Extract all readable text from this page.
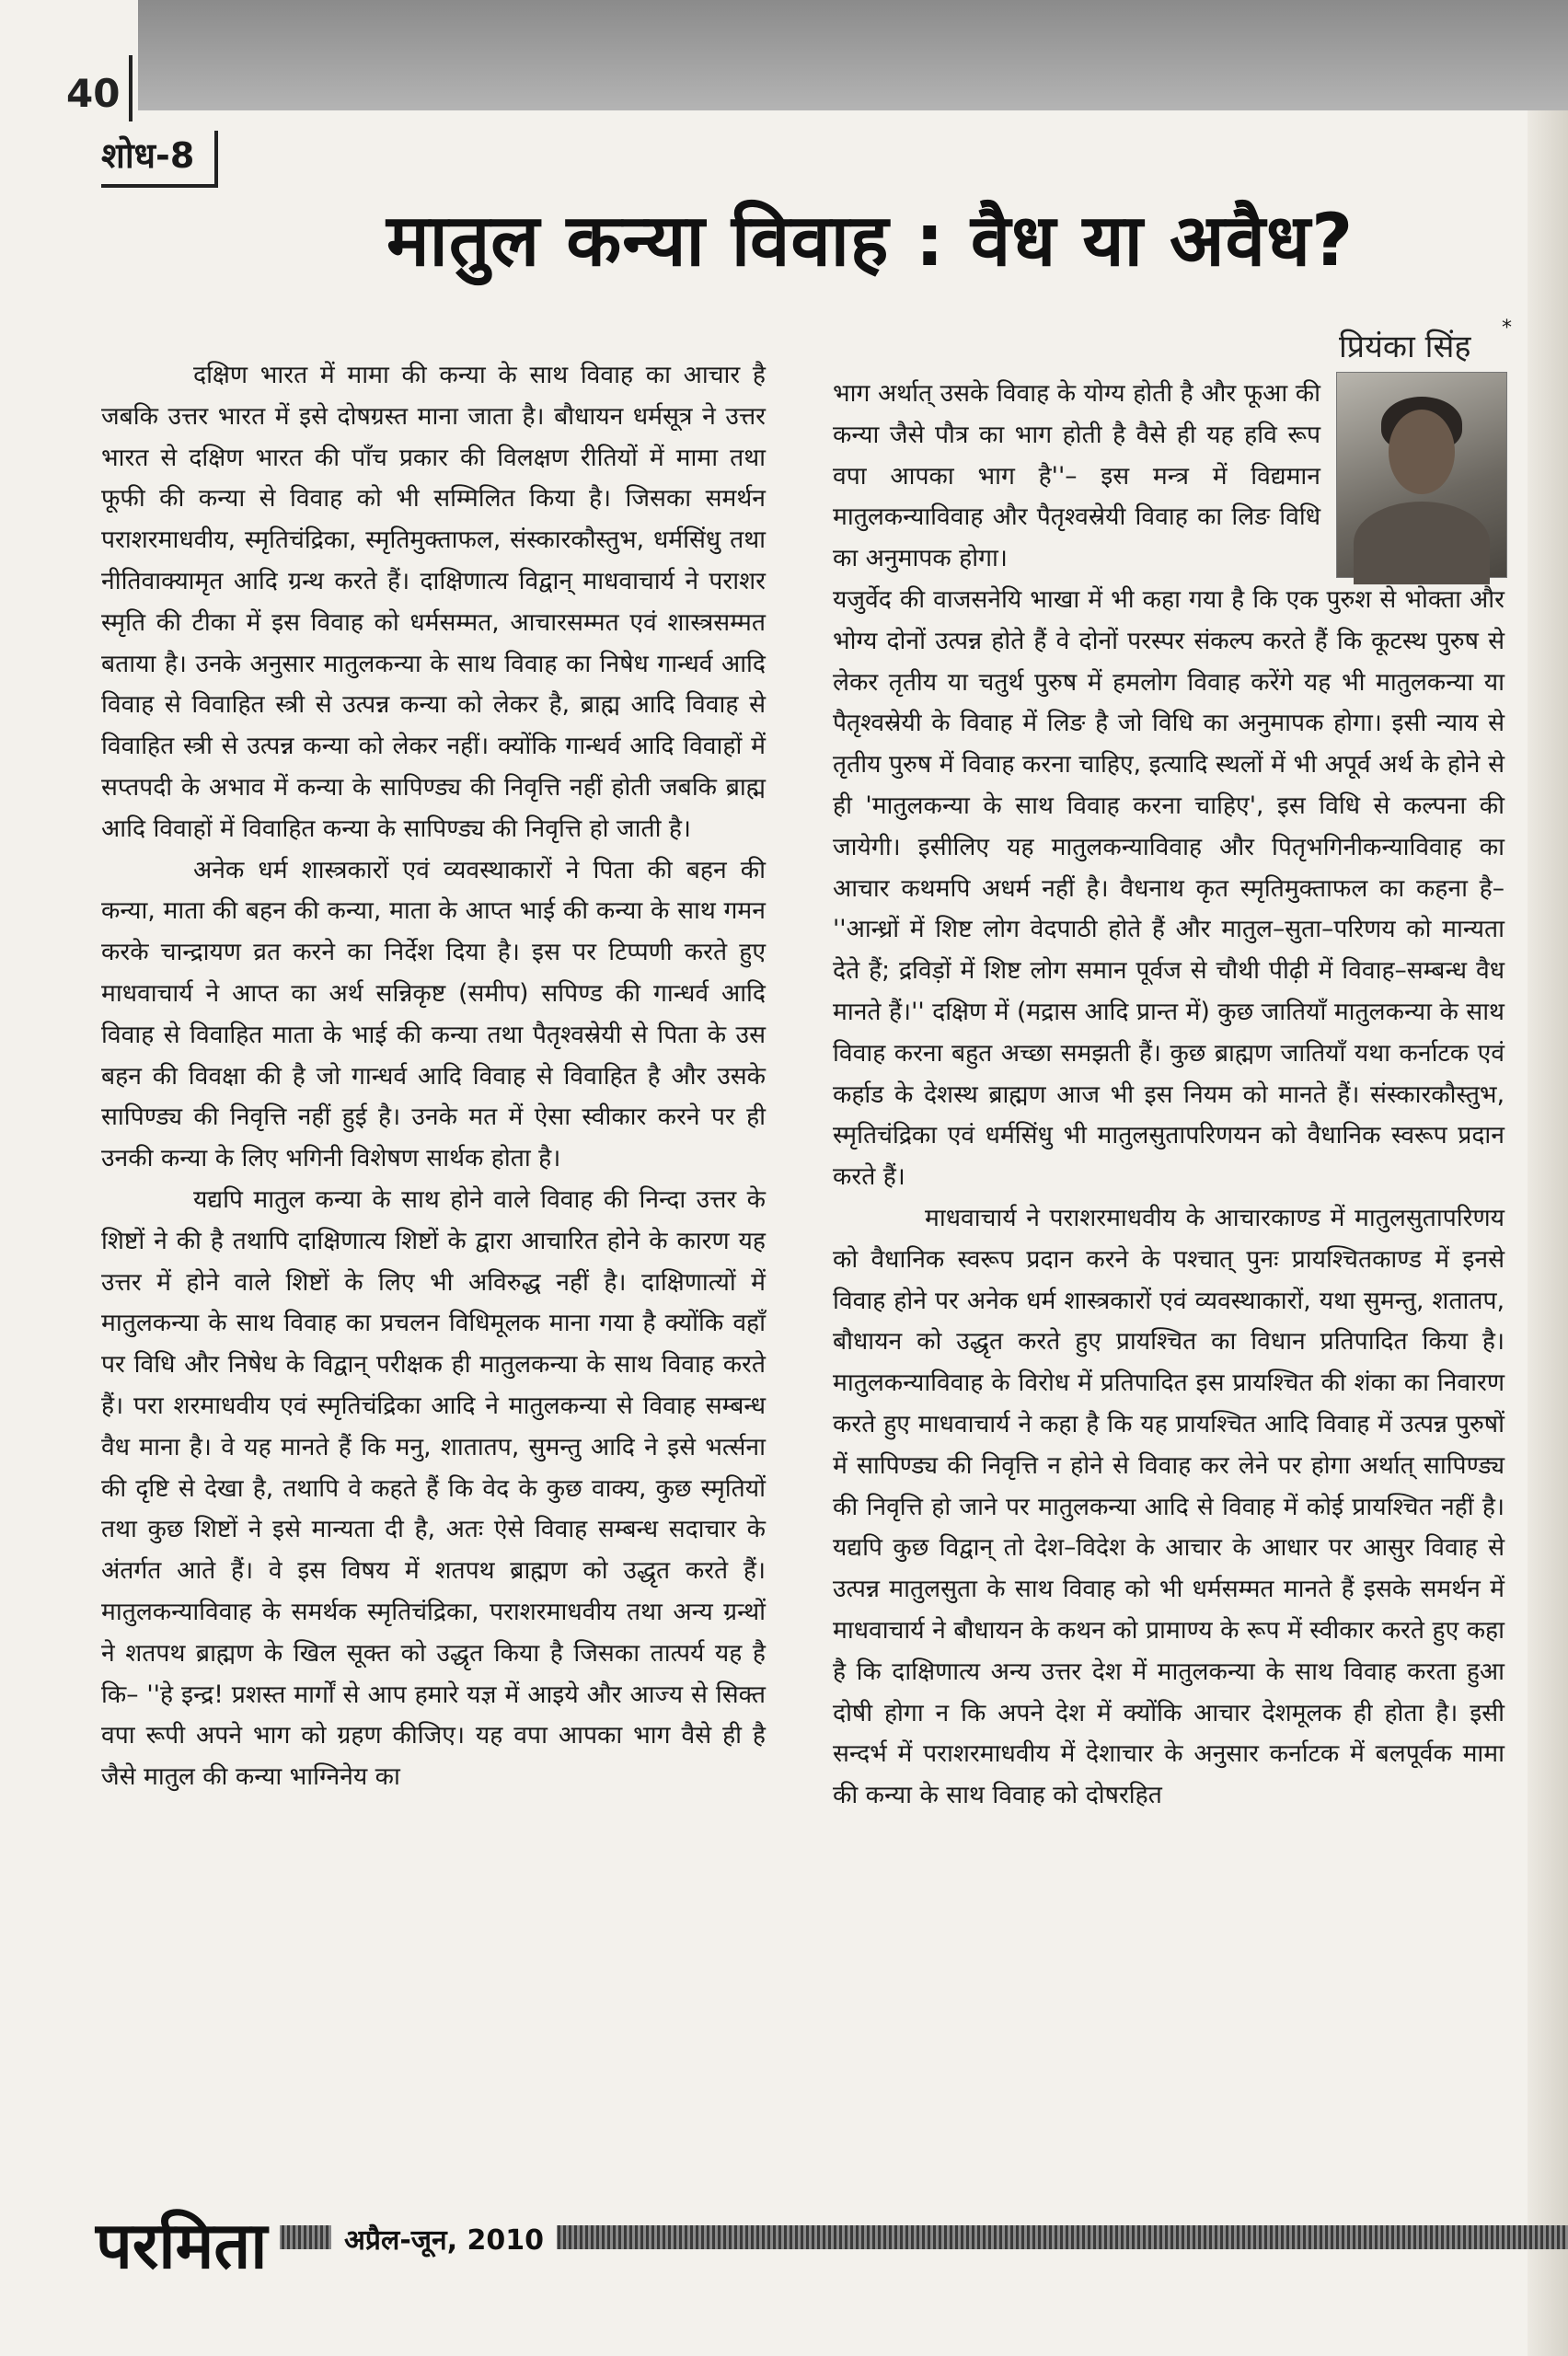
40
शोध-8
मातुल कन्या विवाह : वैध या अवैध?
प्रियंका सिंह
*

दक्षिण भारत में मामा की कन्या के साथ विवाह का आचार है जबकि उत्तर भारत में इसे दोषग्रस्त माना जाता है। बौधायन धर्मसूत्र ने उत्तर भारत से दक्षिण भारत की पाँच प्रकार की विलक्षण रीतियों में मामा तथा फूफी की कन्या से विवाह को भी सम्मिलित किया है। जिसका समर्थन पराशरमाधवीय, स्मृतिचंद्रिका, स्मृतिमुक्ताफल, संस्कारकौस्तुभ, धर्मसिंधु तथा नीतिवाक्यामृत आदि ग्रन्थ करते हैं। दाक्षिणात्य विद्वान् माधवाचार्य ने पराशर स्मृति की टीका में इस विवाह को धर्मसम्मत, आचारसम्मत एवं शास्त्रसम्मत बताया है। उनके अनुसार मातुलकन्या के साथ विवाह का निषेध गान्धर्व आदि विवाह से विवाहित स्त्री से उत्पन्न कन्या को लेकर है, ब्राह्म आदि विवाह से विवाहित स्त्री से उत्पन्न कन्या को लेकर नहीं। क्योंकि गान्धर्व आदि विवाहों में सप्तपदी के अभाव में कन्या के सापिण्ड्य की निवृत्ति नहीं होती जबकि ब्राह्म आदि विवाहों में विवाहित कन्या के सापिण्ड्य की निवृत्ति हो जाती है।

अनेक धर्म शास्त्रकारों एवं व्यवस्थाकारों ने पिता की बहन की कन्या, माता की बहन की कन्या, माता के आप्त भाई की कन्या के साथ गमन करके चान्द्रायण व्रत करने का निर्देश दिया है। इस पर टिप्पणी करते हुए माधवाचार्य ने आप्त का अर्थ सन्निकृष्ट (समीप) सपिण्ड की गान्धर्व आदि विवाह से विवाहित माता के भाई की कन्या तथा पैतृश्वस्रेयी से पिता के उस बहन की विवक्षा की है जो गान्धर्व आदि विवाह से विवाहित है और उसके सापिण्ड्य की निवृत्ति नहीं हुई है। उनके मत में ऐसा स्वीकार करने पर ही उनकी कन्या के लिए भगिनी विशेषण सार्थक होता है।

यद्यपि मातुल कन्या के साथ होने वाले विवाह की निन्दा उत्तर के शिष्टों ने की है तथापि दाक्षिणात्य शिष्टों के द्वारा आचारित होने के कारण यह उत्तर में होने वाले शिष्टों के लिए भी अविरुद्ध नहीं है। दाक्षिणात्यों में मातुलकन्या के साथ विवाह का प्रचलन विधिमूलक माना गया है क्योंकि वहाँ पर विधि और निषेध के विद्वान् परीक्षक ही मातुलकन्या के साथ विवाह करते हैं। परा शरमाधवीय एवं स्मृतिचंद्रिका आदि ने मातुलकन्या से विवाह सम्बन्ध वैध माना है। वे यह मानते हैं कि मनु, शातातप, सुमन्तु आदि ने इसे भर्त्सना की दृष्टि से देखा है, तथापि वे कहते हैं कि वेद के कुछ वाक्य, कुछ स्मृतियों तथा कुछ शिष्टों ने इसे मान्यता दी है, अतः ऐसे विवाह सम्बन्ध सदाचार के अंतर्गत आते हैं। वे इस विषय में शतपथ ब्राह्मण को उद्धृत करते हैं। मातुलकन्याविवाह के समर्थक स्मृतिचंद्रिका, पराशरमाधवीय तथा अन्य ग्रन्थों ने शतपथ ब्राह्मण के खिल सूक्त को उद्धृत किया है जिसका तात्पर्य यह है कि– ''हे इन्द्र! प्रशस्त मार्गों से आप हमारे यज्ञ में आइये और आज्य से सिक्त वपा रूपी अपने भाग को ग्रहण कीजिए। यह वपा आपका भाग वैसे ही है जैसे मातुल की कन्या भाग्निनेय का

भाग अर्थात् उसके विवाह के योग्य होती है और फूआ की कन्या जैसे पौत्र का भाग होती है वैसे ही यह हवि रूप वपा आपका भाग है''– इस मन्त्र में विद्यमान मातुलकन्याविवाह और पैतृश्वस्रेयी विवाह का लिङ विधि का अनुमापक होगा।

यजुर्वेद की वाजसनेयि भाखा में भी कहा गया है कि एक पुरुश से भोक्ता और भोग्य दोनों उत्पन्न होते हैं वे दोनों परस्पर संकल्प करते हैं कि कूटस्थ पुरुष से लेकर तृतीय या चतुर्थ पुरुष में हमलोग विवाह करेंगे यह भी मातुलकन्या या पैतृश्वस्रेयी के विवाह में लिङ है जो विधि का अनुमापक होगा। इसी न्याय से तृतीय पुरुष में विवाह करना चाहिए, इत्यादि स्थलों में भी अपूर्व अर्थ के होने से ही 'मातुलकन्या के साथ विवाह करना चाहिए', इस विधि से कल्पना की जायेगी। इसीलिए यह मातुलकन्याविवाह और पितृभगिनीकन्याविवाह का आचार कथमपि अधर्म नहीं है। वैधनाथ कृत स्मृतिमुक्ताफल का कहना है– ''आन्ध्रों में शिष्ट लोग वेदपाठी होते हैं और मातुल–सुता–परिणय को मान्यता देते हैं; द्रविड़ों में शिष्ट लोग समान पूर्वज से चौथी पीढ़ी में विवाह–सम्बन्ध वैध मानते हैं।'' दक्षिण में (मद्रास आदि प्रान्त में) कुछ जातियाँ मातुलकन्या के साथ विवाह करना बहुत अच्छा समझती हैं। कुछ ब्राह्मण जातियाँ यथा कर्नाटक एवं कर्हाड के देशस्थ ब्राह्मण आज भी इस नियम को मानते हैं। संस्कारकौस्तुभ, स्मृतिचंद्रिका एवं धर्मसिंधु भी मातुलसुतापरिणयन को वैधानिक स्वरूप प्रदान करते हैं।

माधवाचार्य ने पराशरमाधवीय के आचारकाण्ड में मातुलसुतापरिणय को वैधानिक स्वरूप प्रदान करने के पश्चात् पुनः प्रायश्चितकाण्ड में इनसे विवाह होने पर अनेक धर्म शास्त्रकारों एवं व्यवस्थाकारों, यथा सुमन्तु, शतातप, बौधायन को उद्धृत करते हुए प्रायश्चित का विधान प्रतिपादित किया है। मातुलकन्याविवाह के विरोध में प्रतिपादित इस प्रायश्चित की शंका का निवारण करते हुए माधवाचार्य ने कहा है कि यह प्रायश्चित आदि विवाह में उत्पन्न पुरुषों में सापिण्ड्य की निवृत्ति न होने से विवाह कर लेने पर होगा अर्थात् सापिण्ड्य की निवृत्ति हो जाने पर मातुलकन्या आदि से विवाह में कोई प्रायश्चित नहीं है। यद्यपि कुछ विद्वान् तो देश–विदेश के आचार के आधार पर आसुर विवाह से उत्पन्न मातुलसुता के साथ विवाह को भी धर्मसम्मत मानते हैं इसके समर्थन में माधवाचार्य ने बौधायन के कथन को प्रामाण्य के रूप में स्वीकार करते हुए कहा है कि दाक्षिणात्य अन्य उत्तर देश में मातुलकन्या के साथ विवाह करता हुआ दोषी होगा न कि अपने देश में क्योंकि आचार देशमूलक ही होता है। इसी सन्दर्भ में पराशरमाधवीय में देशाचार के अनुसार कर्नाटक में बलपूर्वक मामा की कन्या के साथ विवाह को दोषरहित

परमिता	अप्रैल-जून, 2010
